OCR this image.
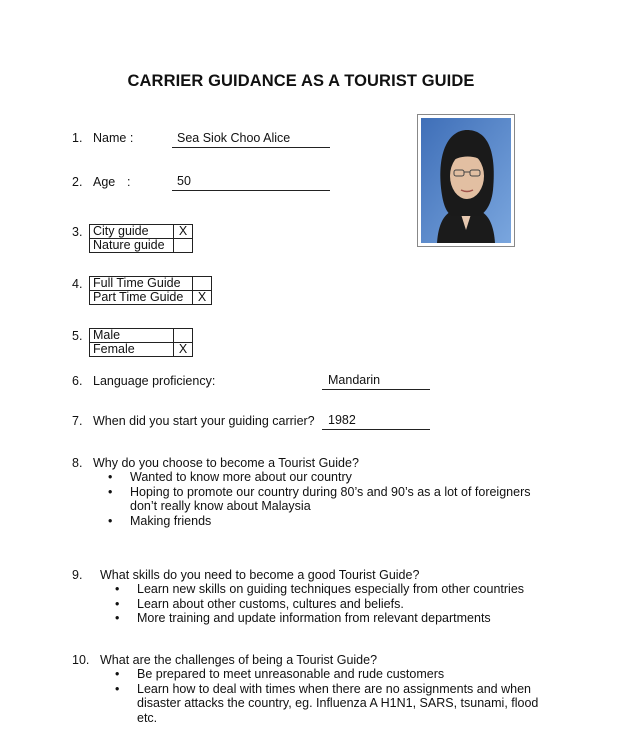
CARRIER GUIDANCE AS A TOURIST GUIDE
1. Name :	Sea Siok Choo Alice
2. Age :	50
3. City guide	X
Nature guide	
4. Full Time Guide	
Part Time Guide	X
5. Male	
Female	X
6. Language proficiency:	Mandarin
7. When did you start your guiding carrier? 1982
8. Why do you choose to become a Tourist Guide?
• Wanted to know more about our country
• Hoping to promote our country during 80’s and 90’s as a lot of foreigners
don’t really know about Malaysia
• Making friends
9. What skills do you need to become a good Tourist Guide?
• Learn new skills on guiding techniques especially from other countries
• Learn about other customs, cultures and beliefs.
• More training and update information from relevant departments
10. What are the challenges of being a Tourist Guide?
• Be prepared to meet unreasonable and rude customers
• Learn how to deal with times when there are no assignments and when
disaster attacks the country, eg. Influenza A H1N1, SARS, tsunami, flood
etc.
